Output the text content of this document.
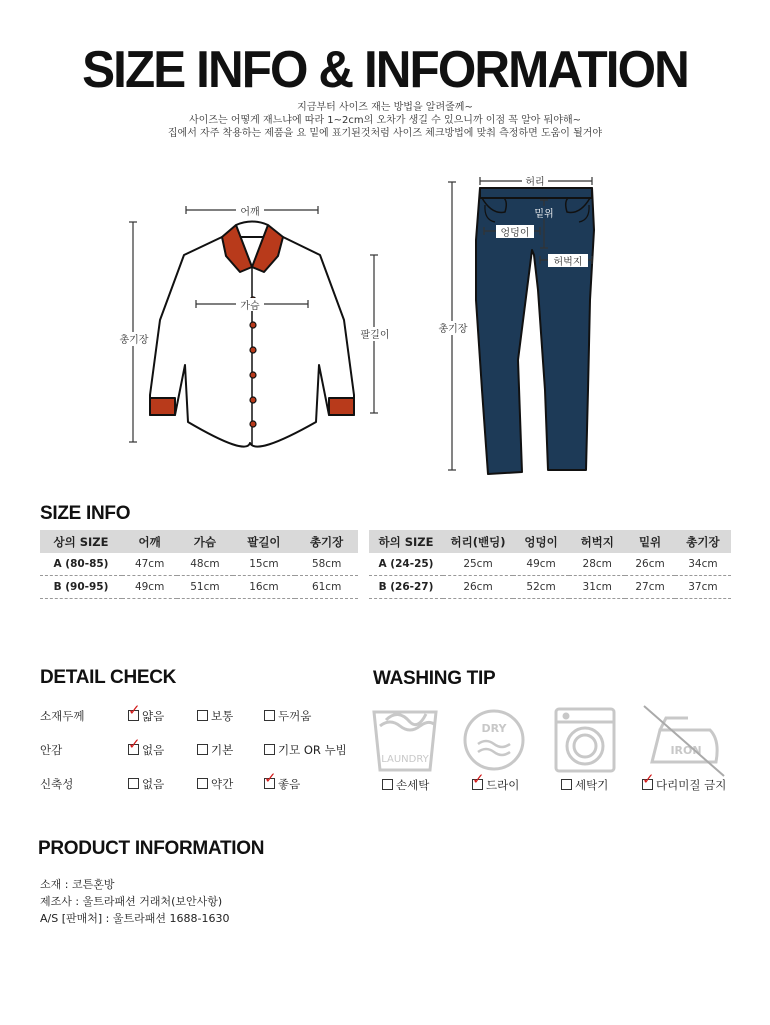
SIZE INFO & INFORMATION
지금부터 사이즈 재는 방법을 알려줄께~
사이즈는 어떻게 재느냐에 따라 1~2cm의 오차가 생길 수 있으니까 이점 꼭 알아 둬야해~
집에서 자주 착용하는 제품을 요 밑에 표기된것처럼 사이즈 체크방법에 맞춰 측정하면 도움이 될거야
어깨
가슴
총기장	팔길이
허리
밑위
엉덩이
허벅지
총기장
SIZE INFO
상의 SIZE	어깨	가슴	팔길이	총기장
A (80-85)	47cm	48cm	15cm	58cm
B (90-95)	49cm	51cm	16cm	61cm
하의 SIZE	허리(밴딩)	엉덩이	허벅지	밑위	총기장
A (24-25)	25cm	49cm	28cm	26cm	34cm
B (26-27)	26cm	52cm	31cm	27cm	37cm
DETAIL CHECK
소재두께	✓ 얇음	보통	두꺼움
안감	✓ 없음	기본	기모 OR 누빔
신축성	없음	약간 ✓ 좋음
WASHING TIP
LAUNDRY
DRY
IRON
손세탁	✓ 드라이	세탁기 ✓ 다리미질 금지
PRODUCT INFORMATION
소재 : 코튼혼방
제조사 : 울트라패션 거래처(보안사항)
A/S [판매처] : 울트라패션 1688-1630
